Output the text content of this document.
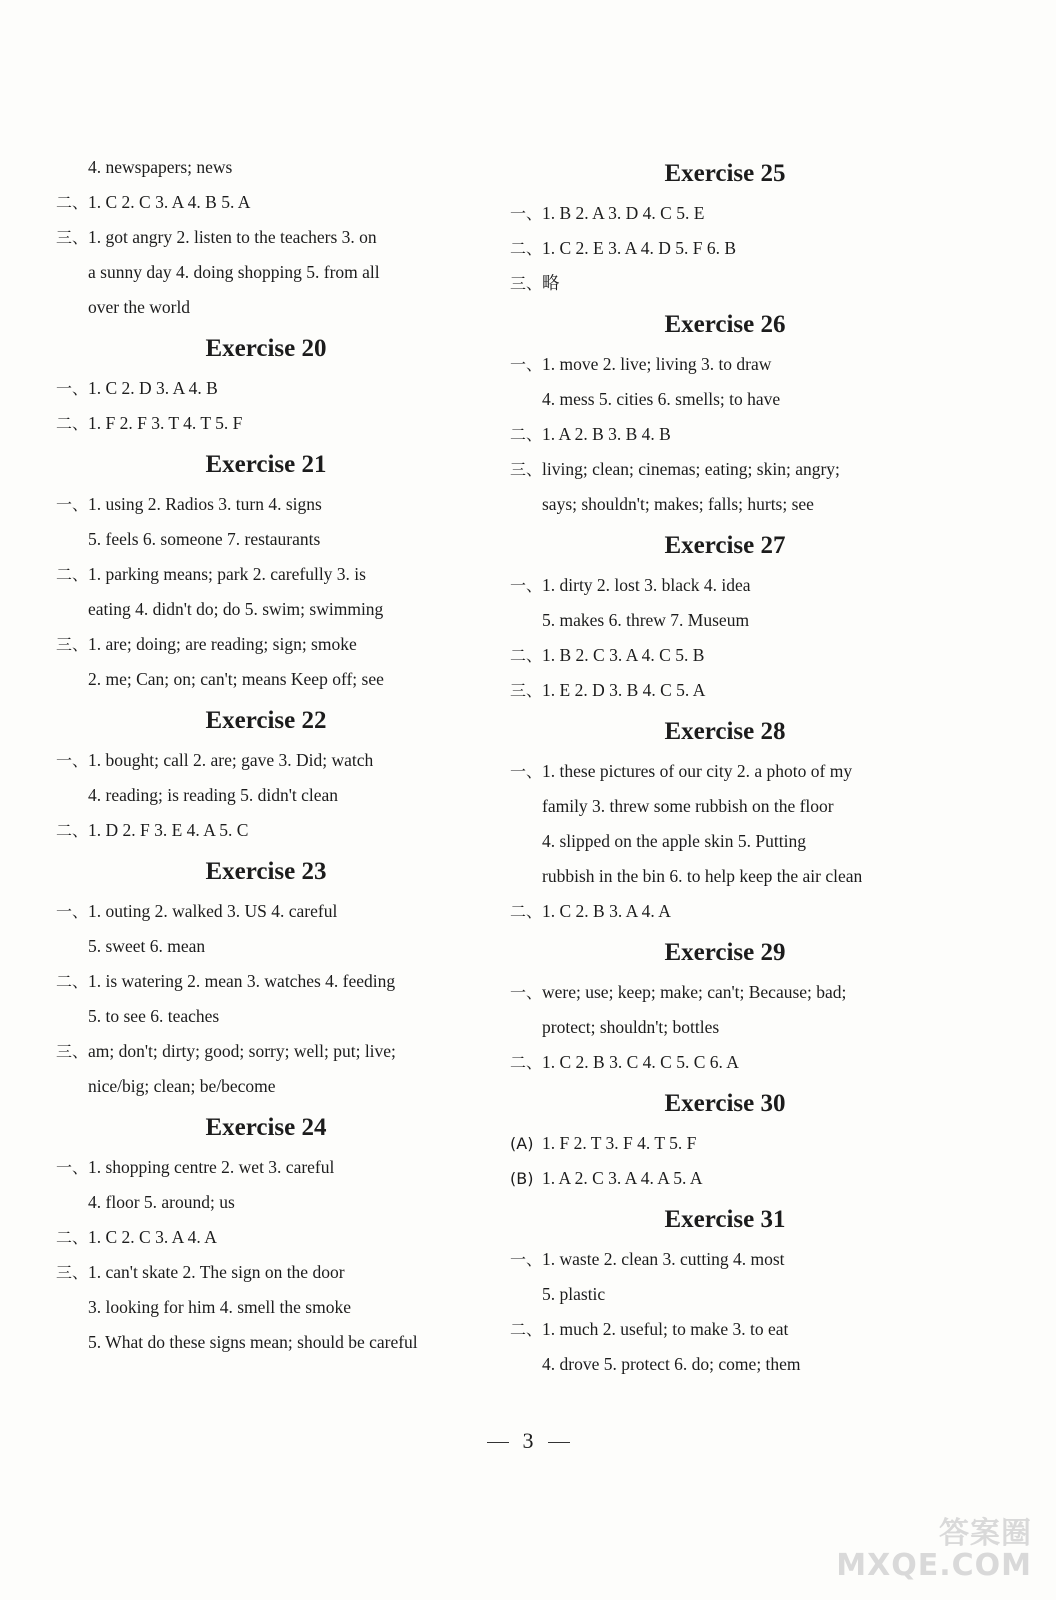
4. newspapers; news
二、1. C 2. C 3. A 4. B 5. A
三、1. got angry 2. listen to the teachers 3. on
a sunny day 4. doing shopping 5. from all
over the world
Exercise 20
一、1. C 2. D 3. A 4. B
二、1. F 2. F 3. T 4. T 5. F
Exercise 21
一、1. using 2. Radios 3. turn 4. signs
5. feels 6. someone 7. restaurants
二、1. parking means; park 2. carefully 3. is
eating 4. didn't do; do 5. swim; swimming
三、1. are; doing; are reading; sign; smoke
2. me; Can; on; can't; means Keep off; see
Exercise 22
一、1. bought; call 2. are; gave 3. Did; watch
4. reading; is reading 5. didn't clean
二、1. D 2. F 3. E 4. A 5. C
Exercise 23
一、1. outing 2. walked 3. US 4. careful
5. sweet 6. mean
二、1. is watering 2. mean 3. watches 4. feeding
5. to see 6. teaches
三、am; don't; dirty; good; sorry; well; put; live;
nice/big; clean; be/become
Exercise 24
一、1. shopping centre 2. wet 3. careful
4. floor 5. around; us
二、1. C 2. C 3. A 4. A
三、1. can't skate 2. The sign on the door
3. looking for him 4. smell the smoke
5. What do these signs mean; should be careful
Exercise 25
一、1. B 2. A 3. D 4. C 5. E
二、1. C 2. E 3. A 4. D 5. F 6. B
三、略
Exercise 26
一、1. move 2. live; living 3. to draw
4. mess 5. cities 6. smells; to have
二、1. A 2. B 3. B 4. B
三、living; clean; cinemas; eating; skin; angry;
says; shouldn't; makes; falls; hurts; see
Exercise 27
一、1. dirty 2. lost 3. black 4. idea
5. makes 6. threw 7. Museum
二、1. B 2. C 3. A 4. C 5. B
三、1. E 2. D 3. B 4. C 5. A
Exercise 28
一、1. these pictures of our city 2. a photo of my
family 3. threw some rubbish on the floor
4. slipped on the apple skin 5. Putting
rubbish in the bin 6. to help keep the air clean
二、1. C 2. B 3. A 4. A
Exercise 29
一、were; use; keep; make; can't; Because; bad;
protect; shouldn't; bottles
二、1. C 2. B 3. C 4. C 5. C 6. A
Exercise 30
(A) 1. F 2. T 3. F 4. T 5. F
(B) 1. A 2. C 3. A 4. A 5. A
Exercise 31
一、1. waste 2. clean 3. cutting 4. most
5. plastic
二、1. much 2. useful; to make 3. to eat
4. drove 5. protect 6. do; come; them
3
答案圈
MXQE.COM
